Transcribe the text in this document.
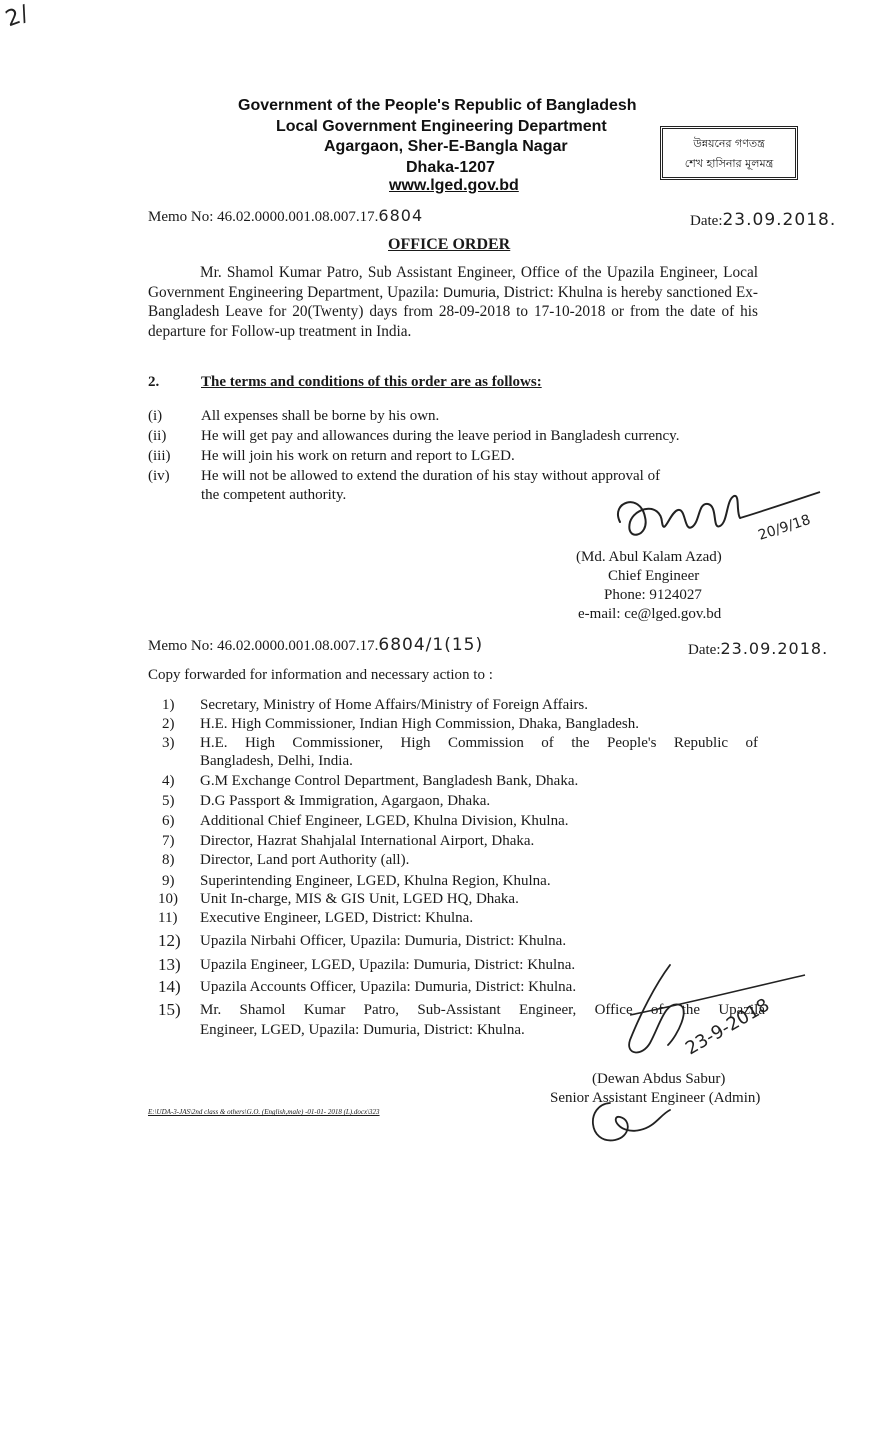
2/
Government of the People's Republic of Bangladesh
Local Government Engineering Department
Agargaon, Sher-E-Bangla Nagar
Dhaka-1207
www.lged.gov.bd
উন্নয়নের গণতন্ত্র
শেখ হাসিনার মূলমন্ত্র
Memo No: 46.02.0000.001.08.007.17.6804	Date:23.09.2018.
OFFICE ORDER
Mr. Shamol Kumar Patro, Sub Assistant Engineer, Office of the Upazila Engineer, Local Government Engineering Department, Upazila: Dumuria, District: Khulna is hereby sanctioned Ex-Bangladesh Leave for 20(Twenty) days from 28-09-2018 to 17-10-2018 or from the date of his departure for Follow-up treatment in India.
2.	The terms and conditions of this order are as follows:
(i)	All expenses shall be borne by his own.
(ii) He will get pay and allowances during the leave period in Bangladesh currency.
(iii) He will join his work on return and report to LGED.
(iv) He will not be allowed to extend the duration of his stay without approval of
the competent authority.
20/9/18
(Md. Abul Kalam Azad)
Chief Engineer
Phone: 9124027
e-mail: ce@lged.gov.bd
Memo No: 46.02.0000.001.08.007.17.6804/1(15)	Date:23.09.2018.
Copy forwarded for information and necessary action to :
1) Secretary, Ministry of Home Affairs/Ministry of Foreign Affairs.
2) H.E. High Commissioner, Indian High Commission, Dhaka, Bangladesh.
3) H.E. High Commissioner, High Commission of the People's Republic of
Bangladesh, Delhi, India.
4) G.M Exchange Control Department, Bangladesh Bank, Dhaka.
5) D.G Passport & Immigration, Agargaon, Dhaka.
6) Additional Chief Engineer, LGED, Khulna Division, Khulna.
7) Director, Hazrat Shahjalal International Airport, Dhaka.
8) Director, Land port Authority (all).
9) Superintending Engineer, LGED, Khulna Region, Khulna.
10) Unit In-charge, MIS & GIS Unit, LGED HQ, Dhaka.
11) Executive Engineer, LGED, District: Khulna.
12) Upazila Nirbahi Officer, Upazila: Dumuria, District: Khulna.
13) Upazila Engineer, LGED, Upazila: Dumuria, District: Khulna.
14) Upazila Accounts Officer, Upazila: Dumuria, District: Khulna.
15) Mr. Shamol Kumar Patro, Sub-Assistant Engineer, Office of the Upazila
Engineer, LGED, Upazila: Dumuria, District: Khulna.	23-9-2018
(Dewan Abdus Sabur)
Senior Assistant Engineer (Admin)
E:\UDA-3-JAS\2nd class & others\G.O. (English,male) -01-01- 2018 (L).docx\323
